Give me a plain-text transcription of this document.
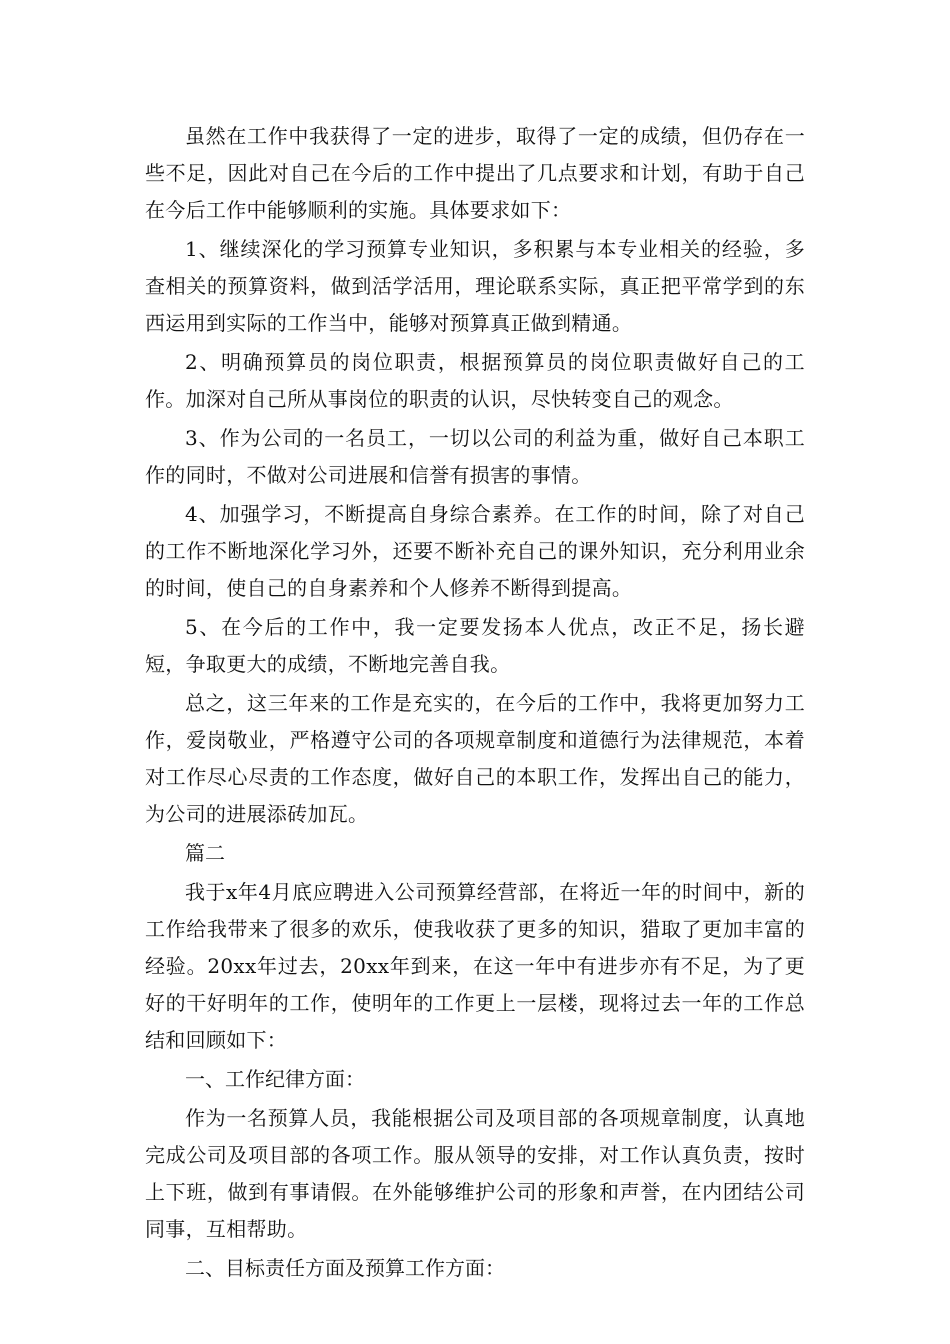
虽然在工作中我获得了一定的进步，取得了一定的成绩，但仍存在一些不足，因此对自己在今后的工作中提出了几点要求和计划，有助于自己在今后工作中能够顺利的实施。具体要求如下：

1、继续深化的学习预算专业知识，多积累与本专业相关的经验，多查相关的预算资料，做到活学活用，理论联系实际，真正把平常学到的东西运用到实际的工作当中，能够对预算真正做到精通。

2、明确预算员的岗位职责，根据预算员的岗位职责做好自己的工作。加深对自己所从事岗位的职责的认识，尽快转变自己的观念。

3、作为公司的一名员工，一切以公司的利益为重，做好自己本职工作的同时，不做对公司进展和信誉有损害的事情。

4、加强学习，不断提高自身综合素养。在工作的时间，除了对自己的工作不断地深化学习外，还要不断补充自己的课外知识，充分利用业余的时间，使自己的自身素养和个人修养不断得到提高。

5、在今后的工作中，我一定要发扬本人优点，改正不足，扬长避短，争取更大的成绩，不断地完善自我。

总之，这三年来的工作是充实的，在今后的工作中，我将更加努力工作，爱岗敬业，严格遵守公司的各项规章制度和道德行为法律规范，本着对工作尽心尽责的工作态度，做好自己的本职工作，发挥出自己的能力，为公司的进展添砖加瓦。

篇二

我于x年4月底应聘进入公司预算经营部，在将近一年的时间中，新的工作给我带来了很多的欢乐，使我收获了更多的知识，猎取了更加丰富的经验。20xx年过去，20xx年到来，在这一年中有进步亦有不足，为了更好的干好明年的工作，使明年的工作更上一层楼，现将过去一年的工作总结和回顾如下：

一、工作纪律方面：

作为一名预算人员，我能根据公司及项目部的各项规章制度，认真地完成公司及项目部的各项工作。服从领导的安排，对工作认真负责，按时上下班，做到有事请假。在外能够维护公司的形象和声誉，在内团结公司同事，互相帮助。

二、目标责任方面及预算工作方面：
